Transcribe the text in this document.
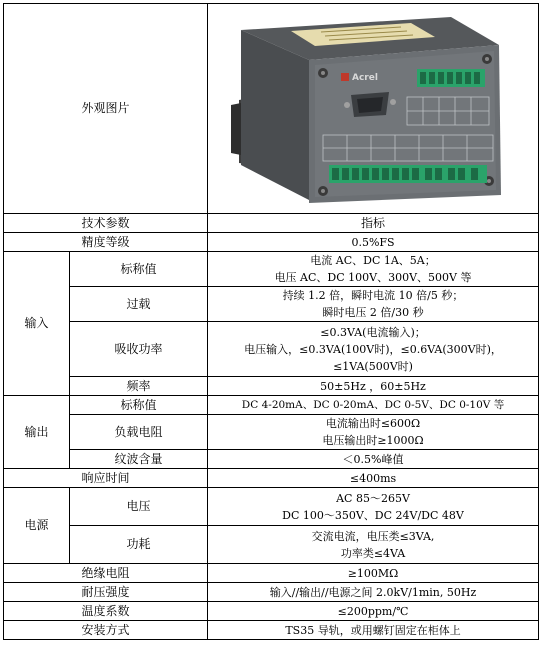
外观图片		Acrel

技术参数		指标
精度等级		0.5%FS
输入	标称值	电流 AC、DC 1A、5A；
电压 AC、DC 100V、300V、500V 等

	过载	持续 1.2 倍，瞬时电流 10 倍/5 秒；
瞬时电压 2 倍/30 秒

	吸收功率	≤0.3VA(电流输入)；
电压输入，≤0.3VA(100V时)，≤0.6VA(300V时)，
≤1VA(500V时)

	频率	50±5Hz ，60±5Hz
输出	标称值	DC 4-20mA、DC 0-20mA、DC 0-5V、DC 0-10V 等
	负载电阻	电流输出时≤600Ω
电压输出时≥1000Ω

	纹波含量	＜0.5%峰值
响应时间		≤400ms
电源	电压	AC 85～265V
DC 100～350V、DC 24V/DC 48V

	功耗	交流电流，电压类≤3VA,
功率类≤4VA

绝缘电阻		≥100MΩ
耐压强度		输入//输出//电源之间 2.0kV/1min, 50Hz
温度系数		≤200ppm/℃
安装方式		TS35 导轨，或用螺钉固定在柜体上
